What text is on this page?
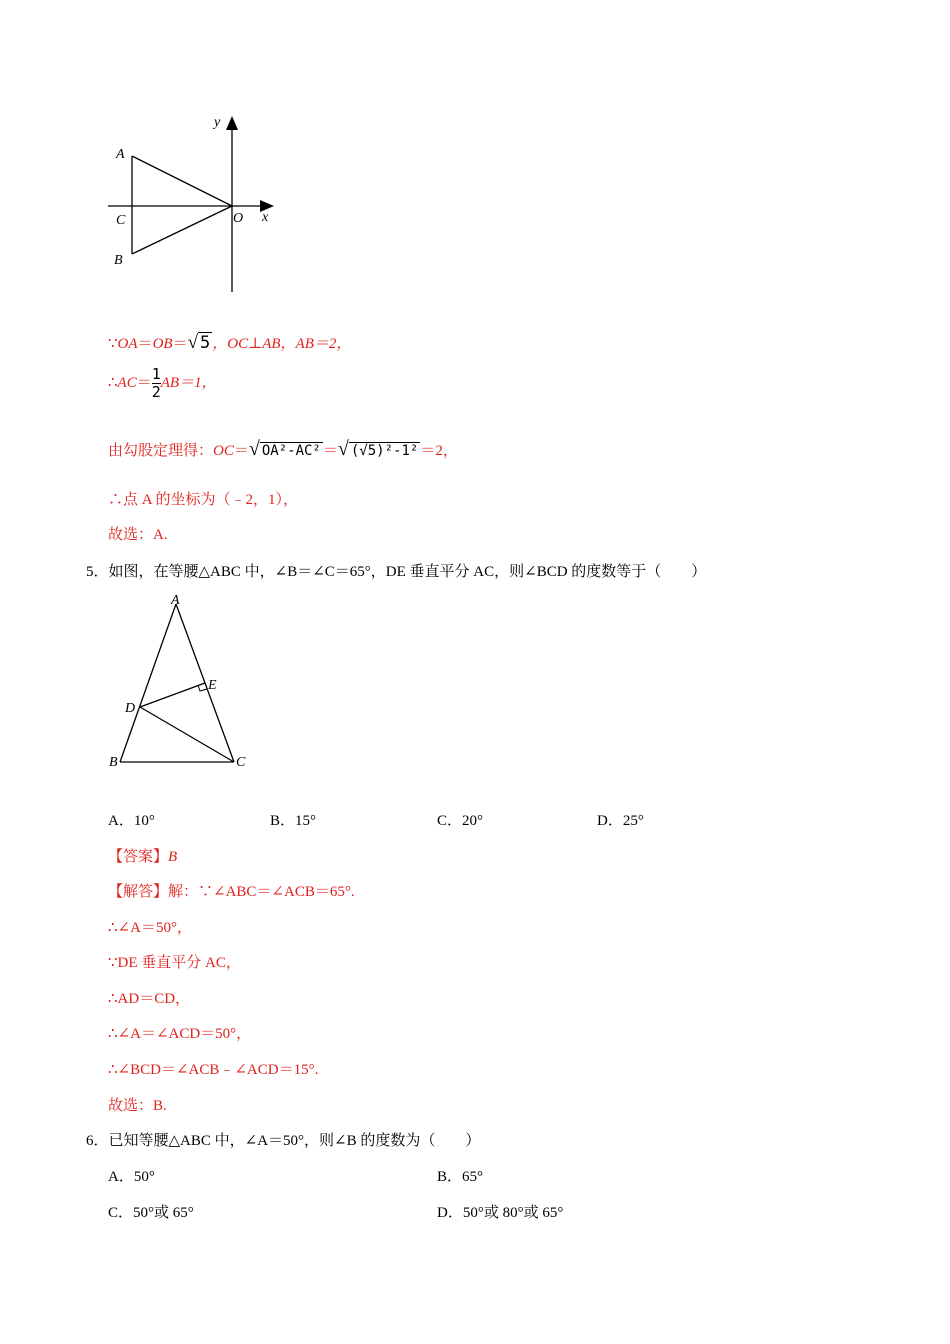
y
x
A
C
B
O
∵OA＝OB＝√ 5 ，OC⊥AB，AB＝2，
∴AC＝ $\frac{1}{2} AB=1$，
由勾股定理得：OC＝√ OA²-AC² ＝√ (√5)²-1² ＝2，
∴点 A 的坐标为（﹣2，1），
故选：A.
5．如图，在等腰△ABC 中，∠B＝∠C＝65°，DE 垂直平分 AC，则∠BCD 的度数等于（　　）
A
E
D
B	C
A．10°	B．15°	C．20°	D．25°
【答案】B
【解答】解：∵∠ABC＝∠ACB＝65°.
∴∠A＝50°，
∵DE 垂直平分 AC，
∴AD＝CD，
∴∠A＝∠ACD＝50°，
∴∠BCD＝∠ACB﹣∠ACD＝15°.
故选：B.
6．已知等腰△ABC 中，∠A＝50°，则∠B 的度数为（　　）
A．50°	B．65°
C．50°或 65°	D．50°或 80°或 65°
